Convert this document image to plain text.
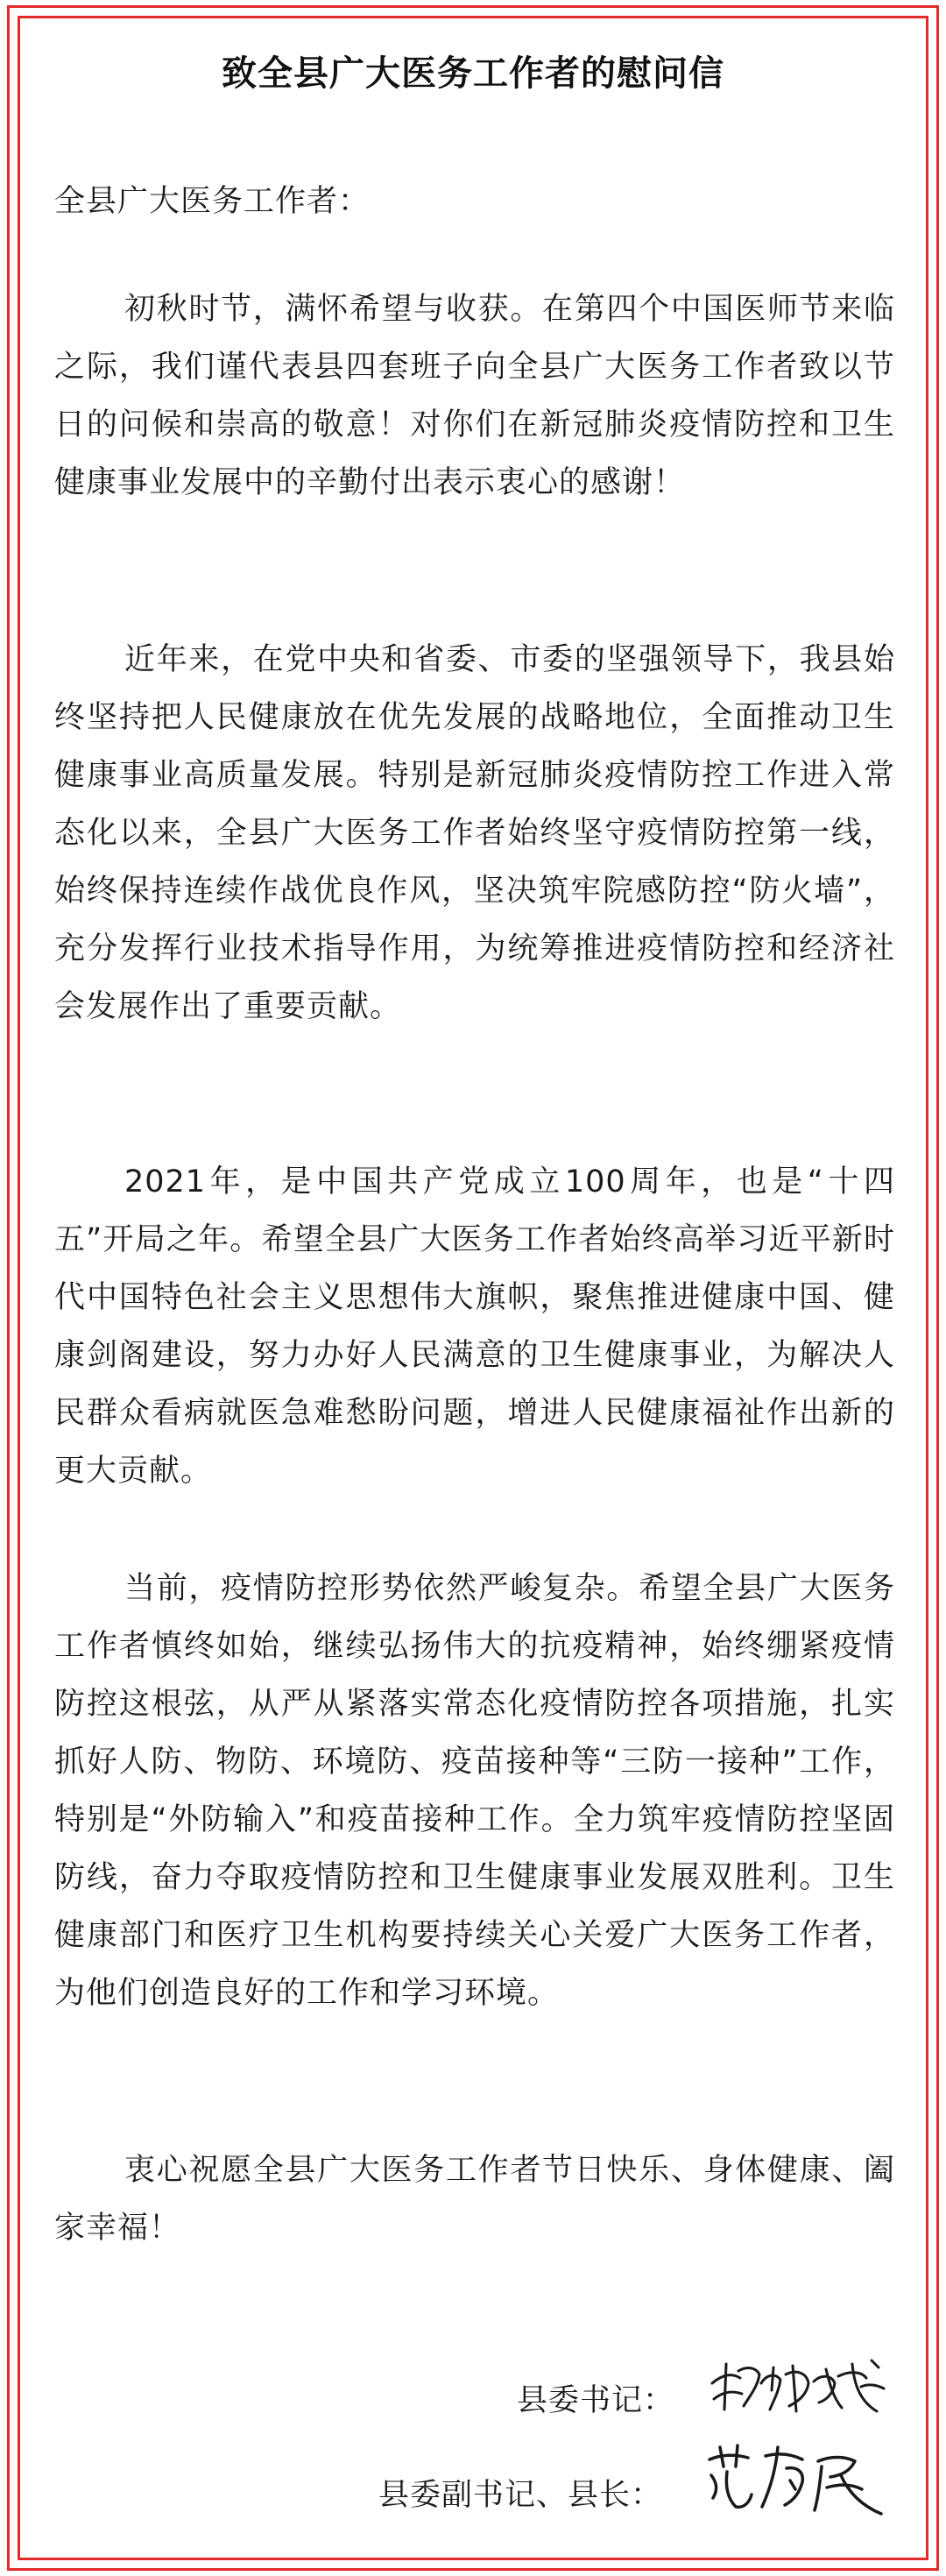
致全县广大医务工作者的慰问信
全县广大医务工作者：

初秋时节，满怀希望与收获。在第四个中国医师节来临之际，我们谨代表县四套班子向全县广大医务工作者致以节日的问候和崇高的敬意！对你们在新冠肺炎疫情防控和卫生健康事业发展中的辛勤付出表示衷心的感谢！

近年来，在党中央和省委、市委的坚强领导下，我县始终坚持把人民健康放在优先发展的战略地位，全面推动卫生健康事业高质量发展。特别是新冠肺炎疫情防控工作进入常态化以来，全县广大医务工作者始终坚守疫情防控第一线，始终保持连续作战优良作风，坚决筑牢院感防控“防火墙”，充分发挥行业技术指导作用，为统筹推进疫情防控和经济社会发展作出了重要贡献。

2021年，是中国共产党成立100周年，也是“十四五”开局之年。希望全县广大医务工作者始终高举习近平新时代中国特色社会主义思想伟大旗帜，聚焦推进健康中国、健康剑阁建设，努力办好人民满意的卫生健康事业，为解决人民群众看病就医急难愁盼问题，增进人民健康福祉作出新的更大贡献。

当前，疫情防控形势依然严峻复杂。希望全县广大医务工作者慎终如始，继续弘扬伟大的抗疫精神，始终绷紧疫情防控这根弦，从严从紧落实常态化疫情防控各项措施，扎实抓好人防、物防、环境防、疫苗接种等“三防一接种”工作，特别是“外防输入”和疫苗接种工作。全力筑牢疫情防控坚固防线，奋力夺取疫情防控和卫生健康事业发展双胜利。卫生健康部门和医疗卫生机构要持续关心关爱广大医务工作者，为他们创造良好的工作和学习环境。

衷心祝愿全县广大医务工作者节日快乐、身体健康、阖家幸福！

县委书记：
县委副书记、县长：
